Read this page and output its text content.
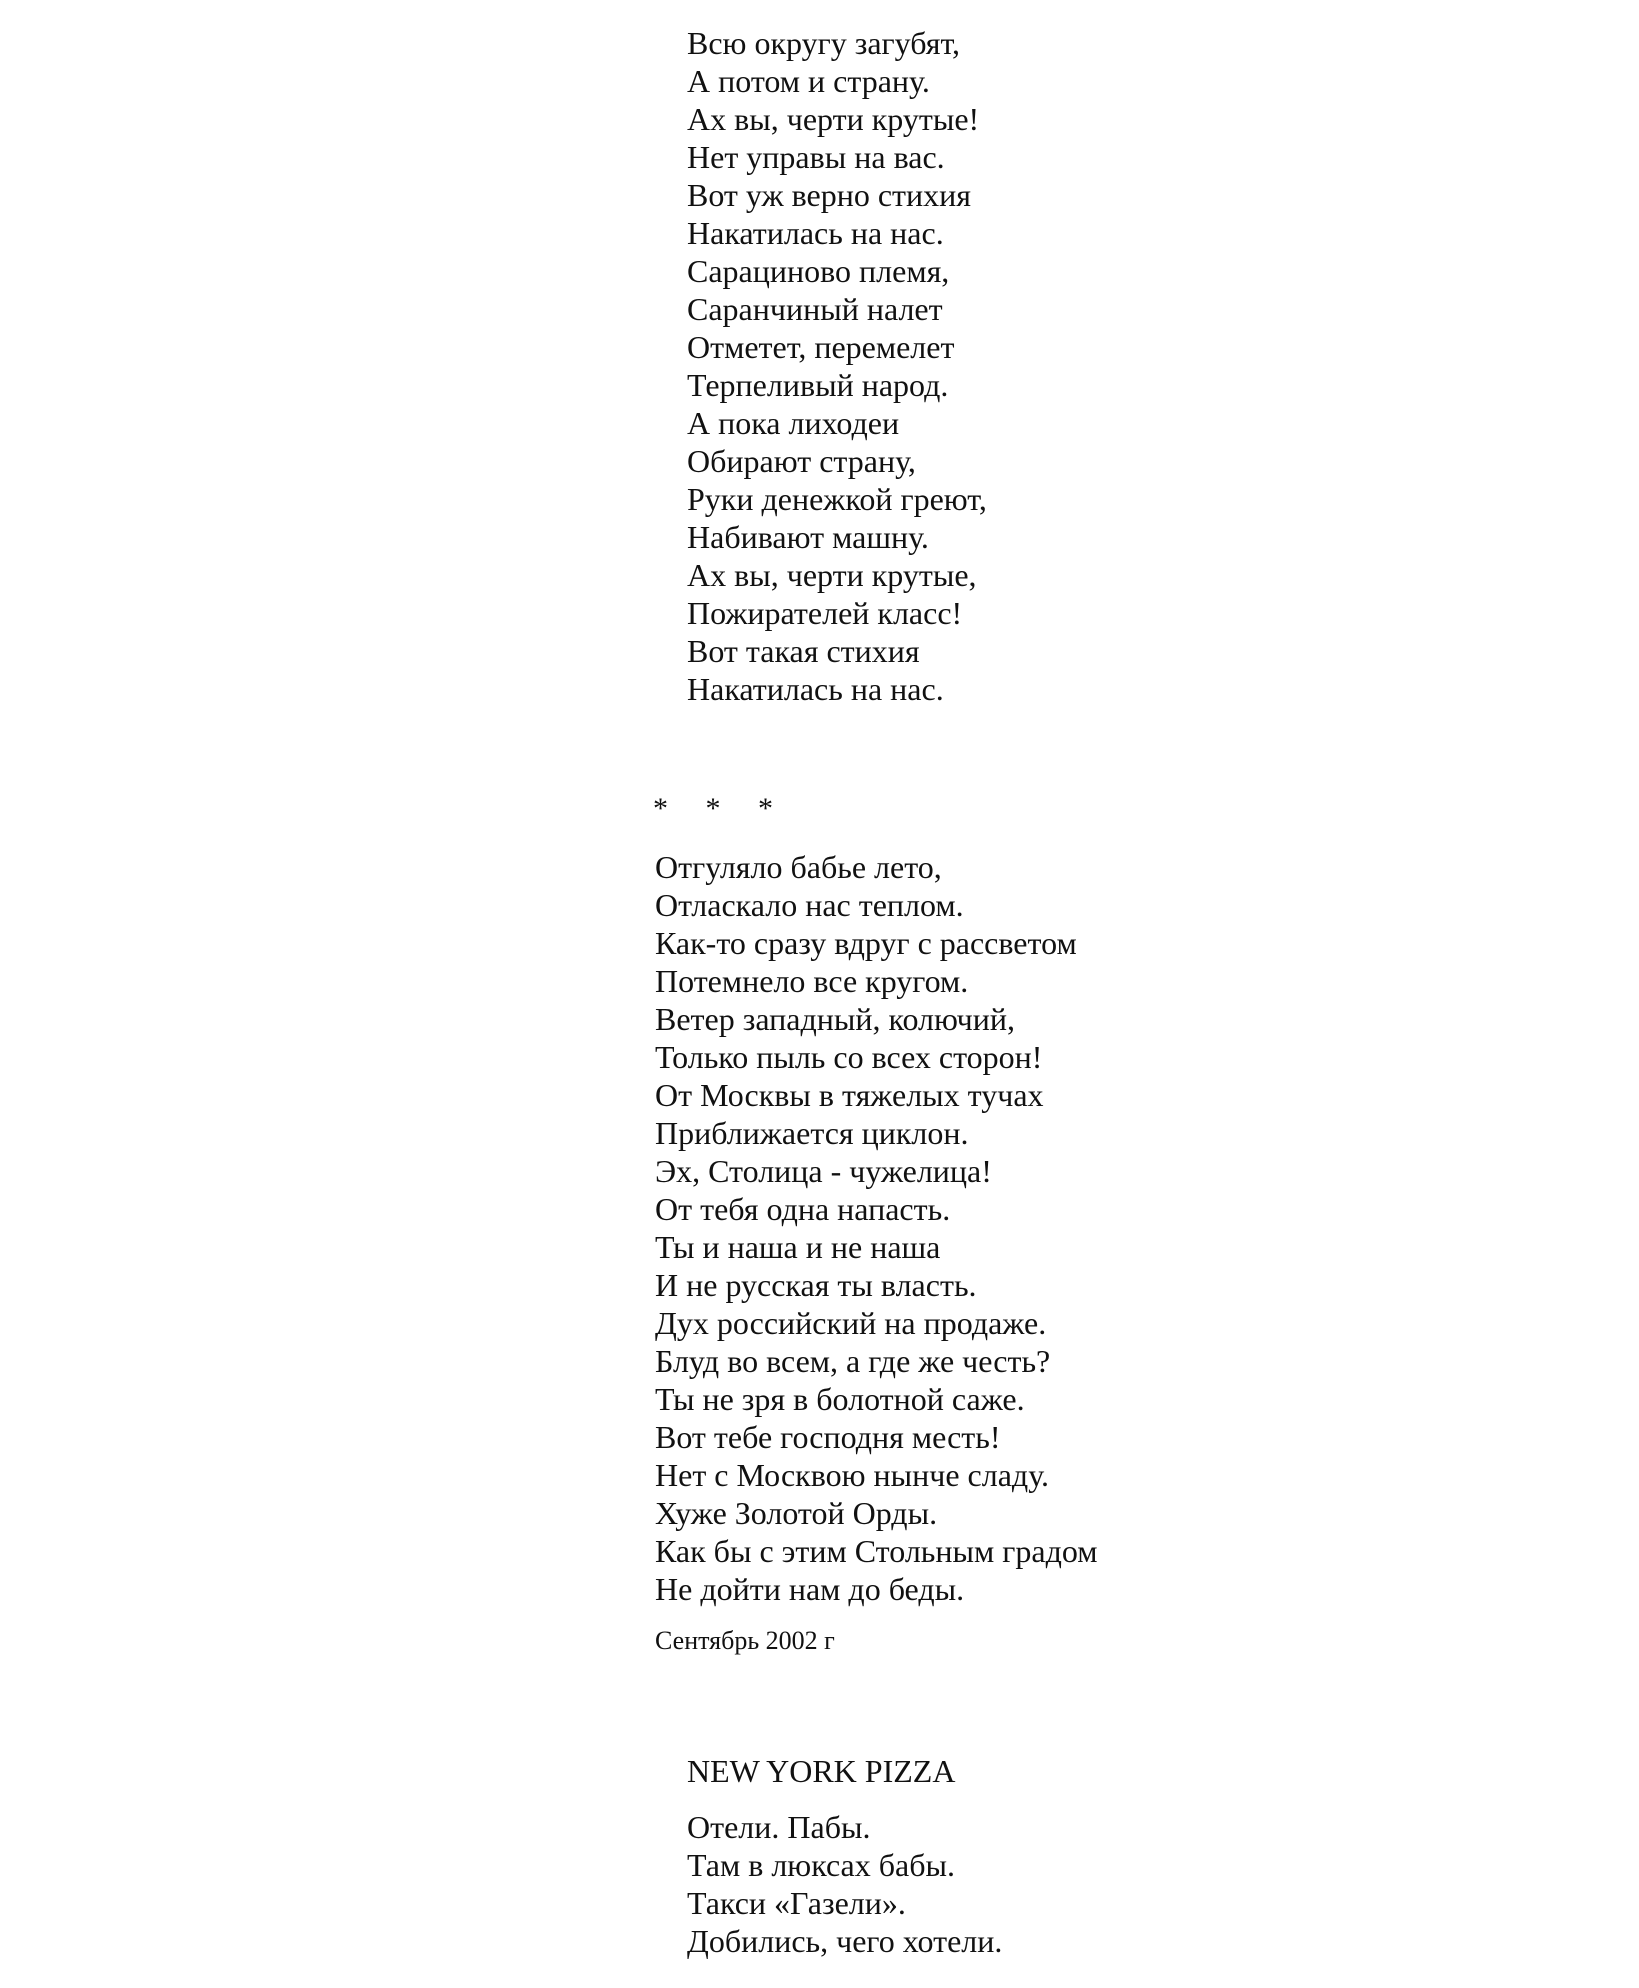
Всю округу загубят,
А потом и страну.
Ах вы, черти крутые!
Нет управы на вас.
Вот уж верно стихия
Накатилась на нас.
Сарациново племя,
Саранчиный налет
Отметет, перемелет
Терпеливый народ.
А пока лиходеи
Обирают страну,
Руки денежкой греют,
Набивают машну.
Ах вы, черти крутые,
Пожирателей класс!
Вот такая стихия
Накатилась на нас.
*     *     *
Отгуляло бабье лето,
Отласкало нас теплом.
Как-то сразу вдруг с рассветом
Потемнело все кругом.
Ветер западный, колючий,
Только пыль со всех сторон!
От Москвы в тяжелых тучах
Приближается циклон.
Эх, Столица - чужелица!
От тебя одна напасть.
Ты и наша и не наша
И не русская ты власть.
Дух российский на продаже.
Блуд во всем, а где же честь?
Ты не зря в болотной саже.
Вот тебе господня месть!
Нет с Москвою нынче сладу.
Хуже Золотой Орды.
Как бы с этим Стольным градом
Не дойти нам до беды.
Сентябрь 2002 г
NEW YORK PIZZA
Отели. Пабы.
Там в люксах бабы.
Такси «Газели».
Добились, чего хотели.
